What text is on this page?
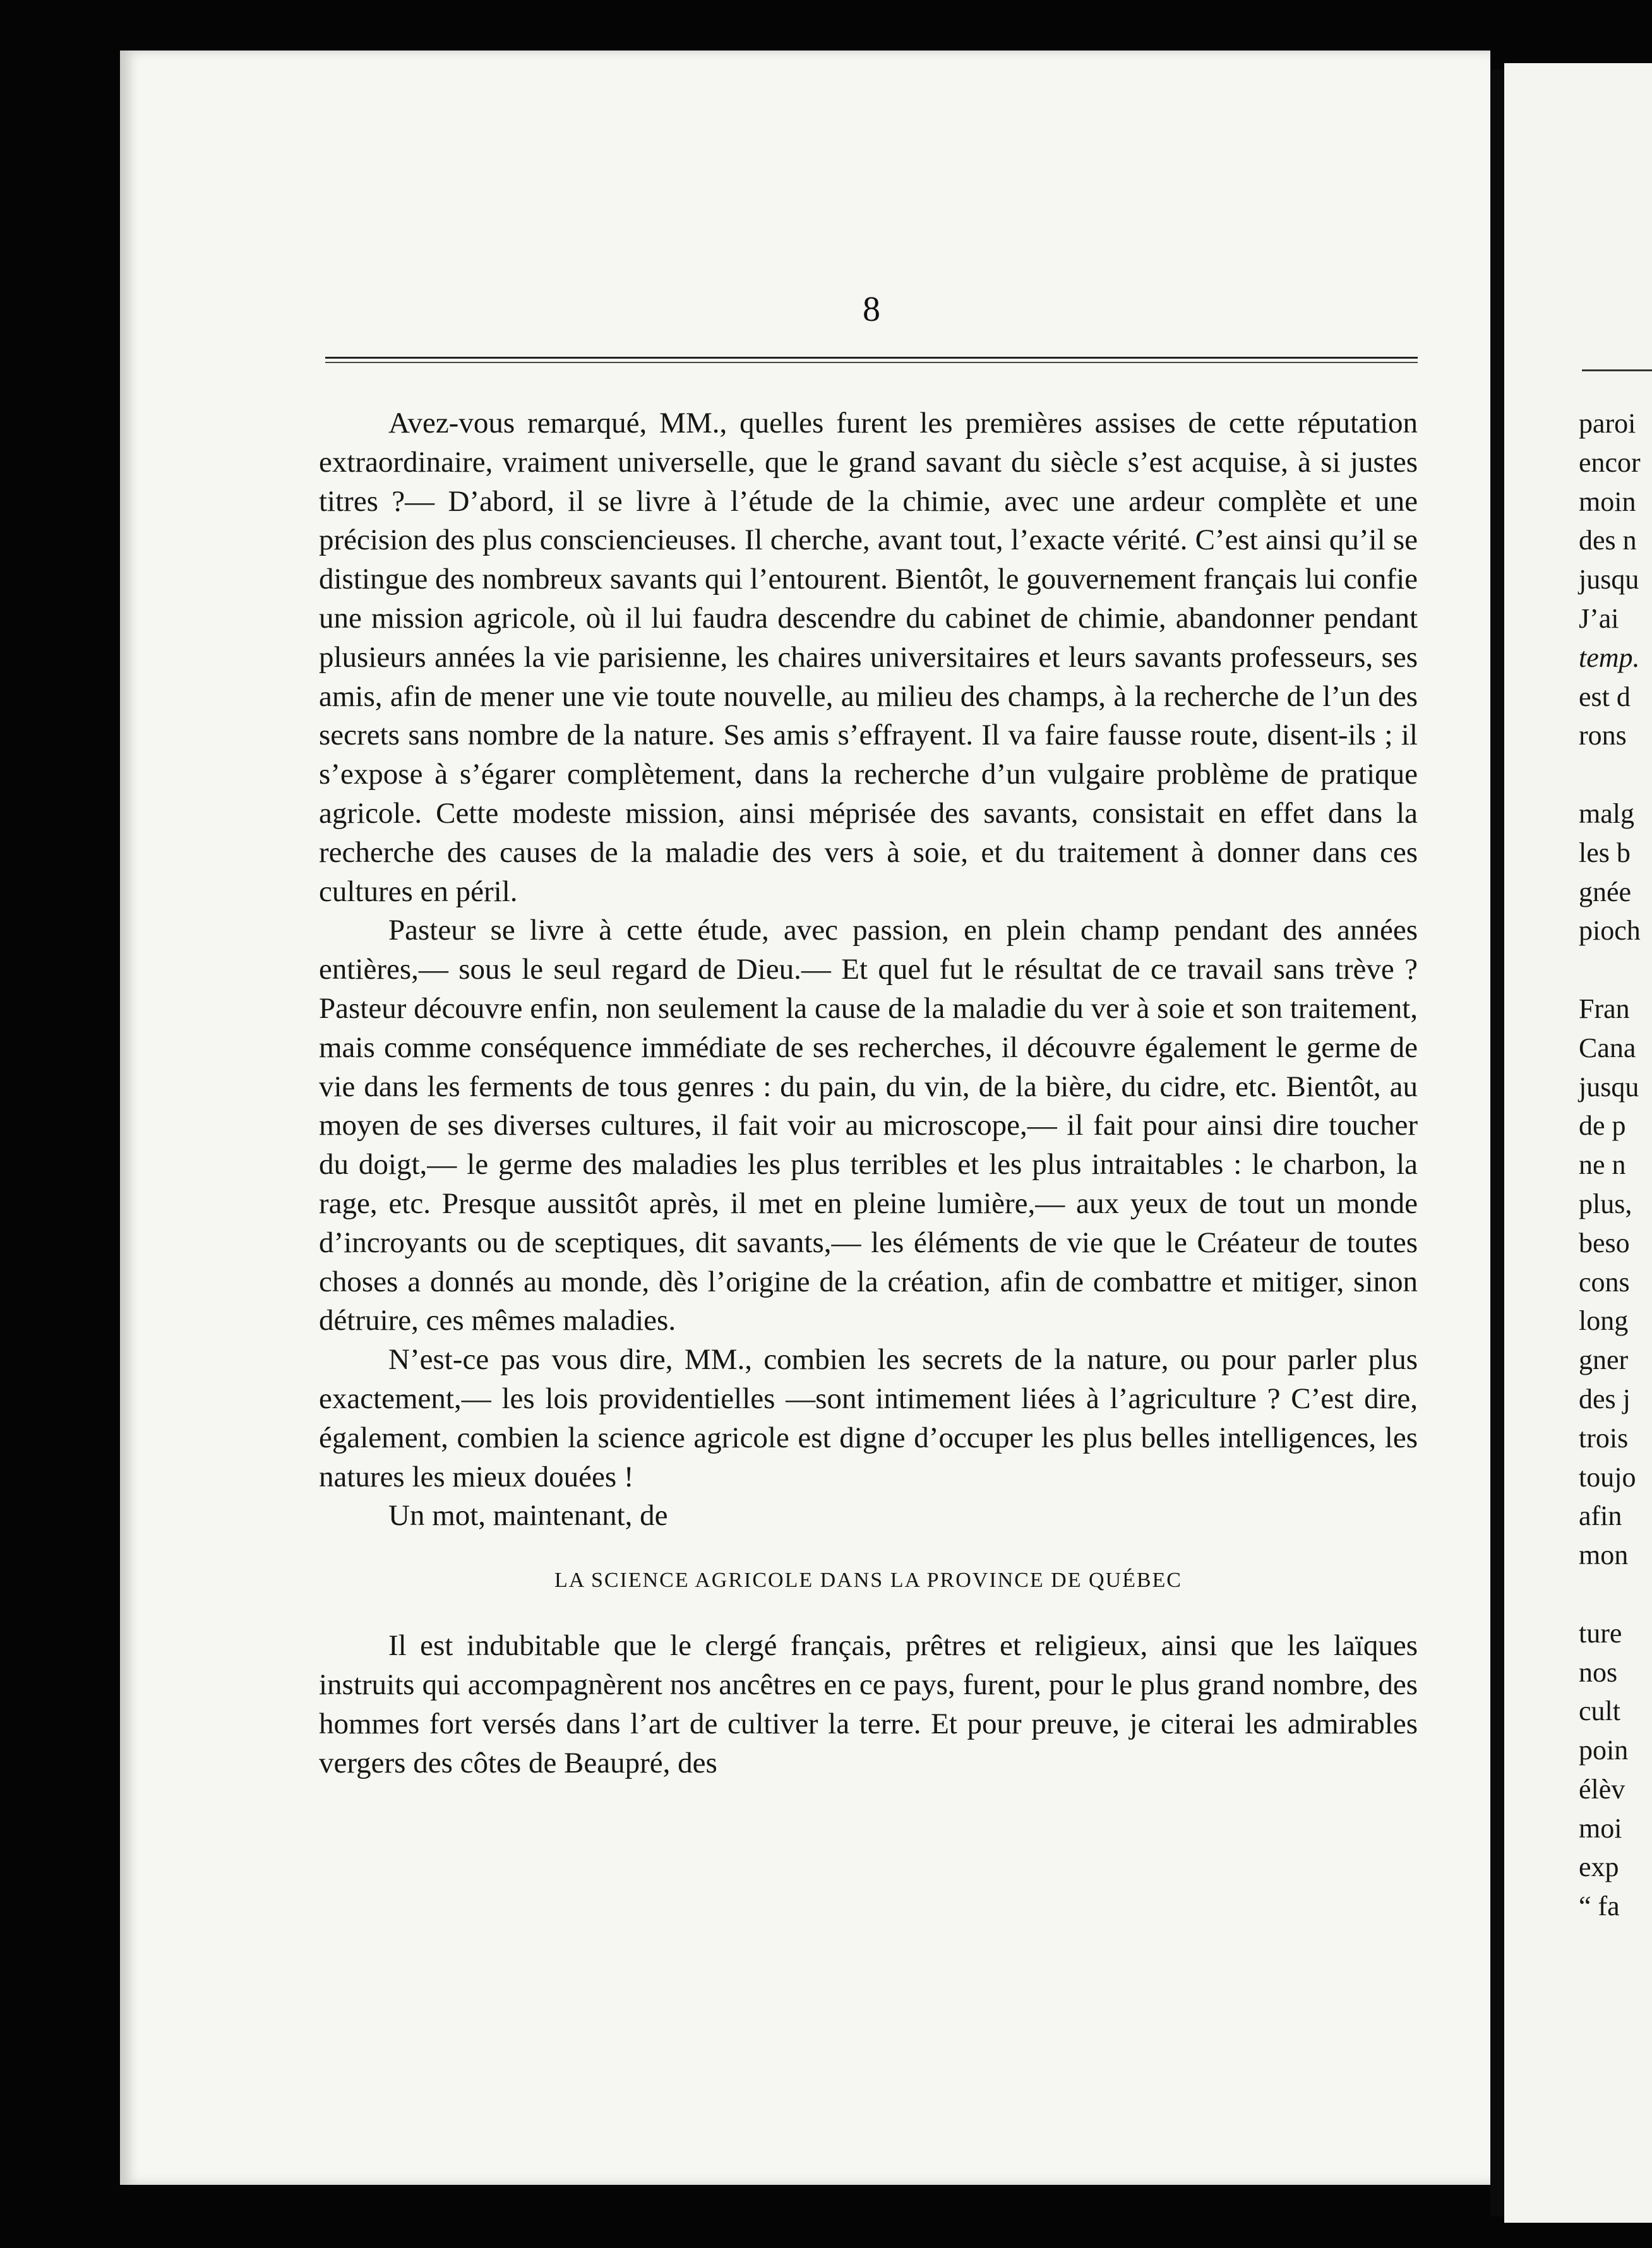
8

Avez-vous remarqué, MM., quelles furent les premières assises de cette réputation extraordinaire, vraiment universelle, que le grand savant du siècle s’est acquise, à si justes titres ?— D’abord, il se livre à l’étude de la chimie, avec une ardeur complète et une précision des plus consciencieuses. Il cherche, avant tout, l’exacte vérité. C’est ainsi qu’il se distingue des nombreux savants qui l’entourent. Bientôt, le gouvernement français lui confie une mission agricole, où il lui faudra descendre du cabinet de chimie, abandonner pendant plusieurs années la vie parisienne, les chaires universitaires et leurs savants professeurs, ses amis, afin de mener une vie toute nouvelle, au milieu des champs, à la recherche de l’un des secrets sans nombre de la nature. Ses amis s’effrayent. Il va faire fausse route, disent-ils ; il s’expose à s’égarer complètement, dans la recherche d’un vulgaire problème de pratique agricole. Cette modeste mission, ainsi méprisée des savants, consistait en effet dans la recherche des causes de la maladie des vers à soie, et du traitement à donner dans ces cultures en péril.

Pasteur se livre à cette étude, avec passion, en plein champ pendant des années entières,— sous le seul regard de Dieu.— Et quel fut le résultat de ce travail sans trève ? Pasteur découvre enfin, non seulement la cause de la maladie du ver à soie et son traitement, mais comme conséquence immédiate de ses recherches, il découvre également le germe de vie dans les ferments de tous genres : du pain, du vin, de la bière, du cidre, etc. Bientôt, au moyen de ses diverses cultures, il fait voir au microscope,— il fait pour ainsi dire toucher du doigt,— le germe des maladies les plus terribles et les plus intraitables : le charbon, la rage, etc. Presque aussitôt après, il met en pleine lumière,— aux yeux de tout un monde d’incroyants ou de sceptiques, dit savants,— les éléments de vie que le Créateur de toutes choses a donnés au monde, dès l’origine de la création, afin de combattre et mitiger, sinon détruire, ces mêmes maladies.

N’est-ce pas vous dire, MM., combien les secrets de la nature, ou pour parler plus exactement,— les lois providentielles —sont intimement liées à l’agriculture ? C’est dire, également, combien la science agricole est digne d’occuper les plus belles intelligences, les natures les mieux douées !

Un mot, maintenant, de

LA SCIENCE AGRICOLE DANS LA PROVINCE DE QUÉBEC

Il est indubitable que le clergé français, prêtres et religieux, ainsi que les laïques instruits qui accompagnèrent nos ancêtres en ce pays, furent, pour le plus grand nombre, des hommes fort versés dans l’art de cultiver la terre. Et pour preuve, je citerai les admirables vergers des côtes de Beaupré, des

paroi
encor
moin
des n
jusqu
J’ai
temp.
est d
rons
malg
les b
gnée
pioch
Fran
Cana
jusqu
de p
ne n
plus,
beso
cons
long
gner
des j
trois
toujo
afin
mon
ture
nos
cult
poin
élèv
moi
exp
“ fa
